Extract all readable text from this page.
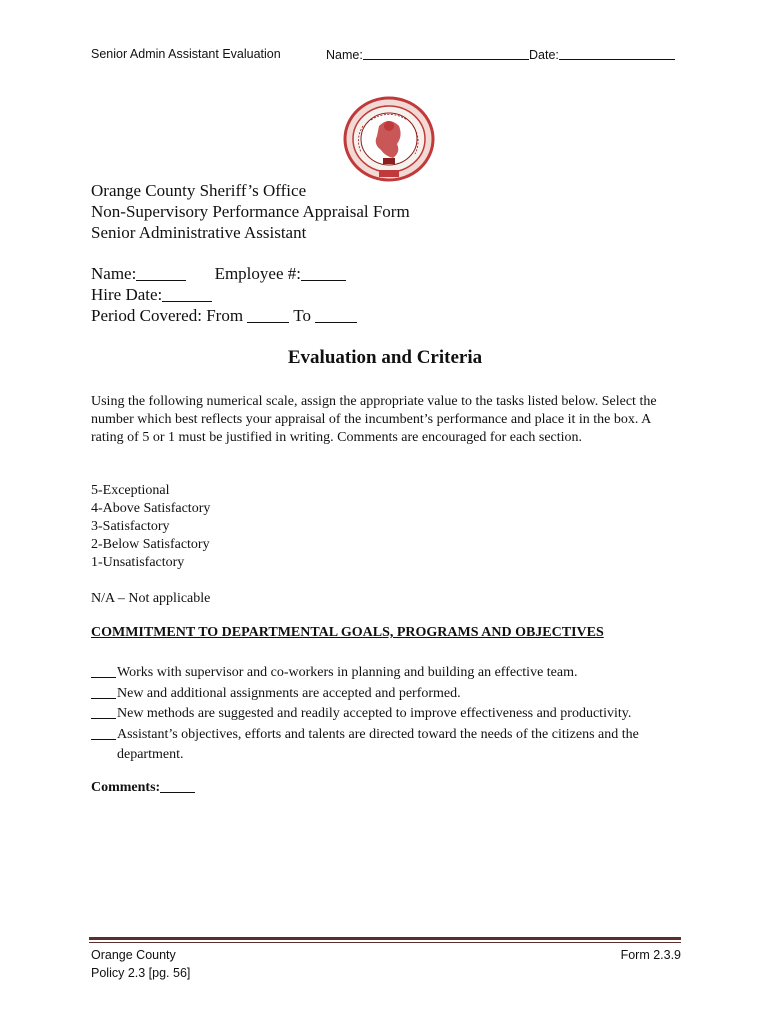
Senior Admin Assistant Evaluation	Name:	Date:
Orange County Sheriff’s Office
Non-Supervisory Performance Appraisal Form
Senior Administrative Assistant
Name:	Employee #:
Hire Date:
Period Covered: From	To
Evaluation and Criteria
Using the following numerical scale, assign the appropriate value to the tasks listed below. Select the number which best reflects your appraisal of the incumbent’s performance and place it in the box. A rating of 5 or 1 must be justified in writing. Comments are encouraged for each section.
5-Exceptional
4-Above Satisfactory
3-Satisfactory
2-Below Satisfactory
1-Unsatisfactory
N/A – Not applicable
COMMITMENT TO DEPARTMENTAL GOALS, PROGRAMS AND OBJECTIVES
Works with supervisor and co-workers in planning and building an effective team.
New and additional assignments are accepted and performed.
New methods are suggested and readily accepted to improve effectiveness and productivity.
Assistant’s objectives, efforts and talents are directed toward the needs of the citizens and the department.
Comments:
Orange County
Policy 2.3 [pg. 56]
Form 2.3.9
